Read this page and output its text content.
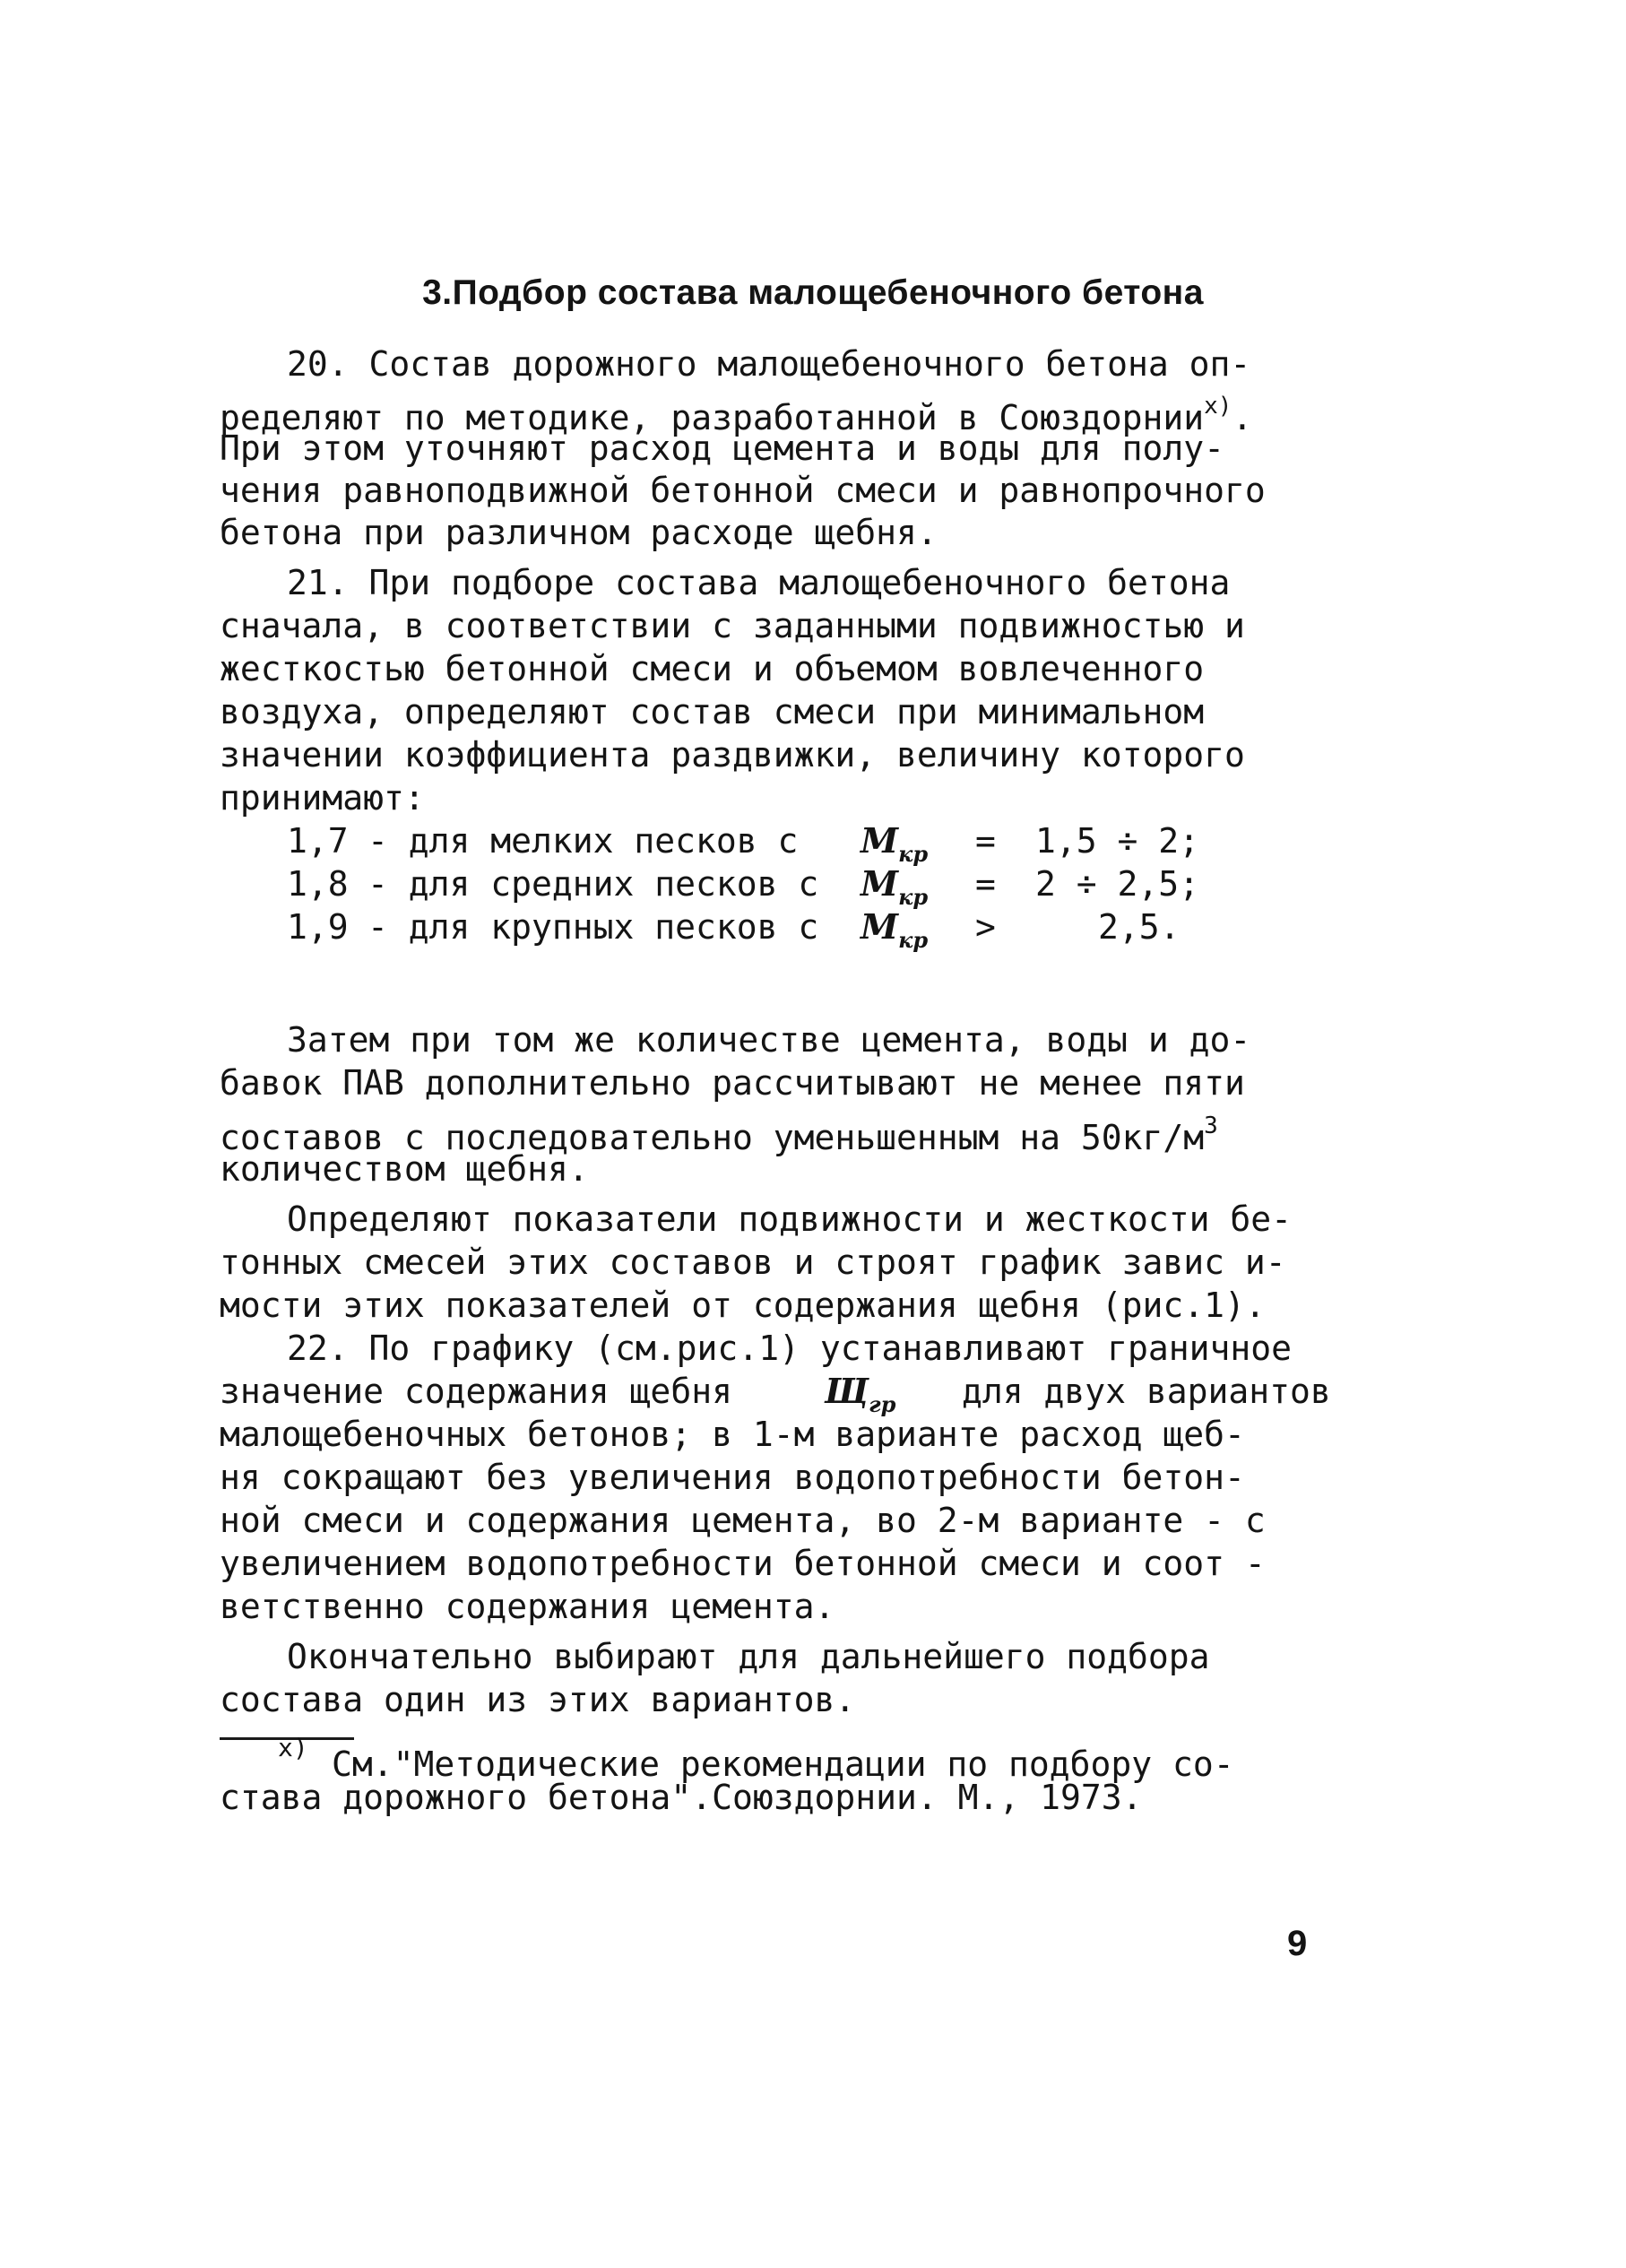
3.Подбор состава малощебеночного бетона
20. Состав дорожного малощебеночного бетона оп-
ределяют по методике, разработанной в Союздорнии$^{x)}$.
При этом уточняют расход цемента и воды для полу-
чения равноподвижной бетонной смеси и равнопрочного
бетона при различном расходе щебня.
21. При подборе состава малощебеночного бетона
сначала, в соответствии с заданными подвижностью и
жесткостью бетонной смеси и объемом вовлеченного
воздуха, определяют состав смеси при минимальном
значении коэффициента раздвижки, величину которого
принимают:
1,7 - для мелких песков с $М_{кр} = 1,5 \div 2$;
1,8 - для средних песков с $М_{кр} = 2 \div 2,5$;
1,9 - для крупных песков с $М_{кр}$ >	2,5.
Затем при том же количестве цемента, воды и до-
бавок ПАВ дополнительно рассчитывают не менее пяти
составов с последовательно уменьшенным на $50кг/м^3$
количеством щебня.
Определяют показатели подвижности и жесткости бе-
тонных смесей этих составов и строят график завис и-
мости этих показателей от содержания щебня (рис.1).
22. По графику (см.рис.1) устанавливают граничное
значение содержания щебня	$Щ_{гр}$ для двух вариантов
малощебеночных бетонов; в 1-м варианте расход щеб-
ня сокращают без увеличения водопотребности бетон-
ной смеси и содержания цемента, во 2-м варианте - с
увеличением водопотребности бетонной смеси и соот -
ветственно содержания цемента.
Окончательно выбирают для дальнейшего подбора
состава один из этих вариантов.
x) См."Методические рекомендации по подбору со-
става дорожного бетона".Союздорнии. М., 1973.
9
